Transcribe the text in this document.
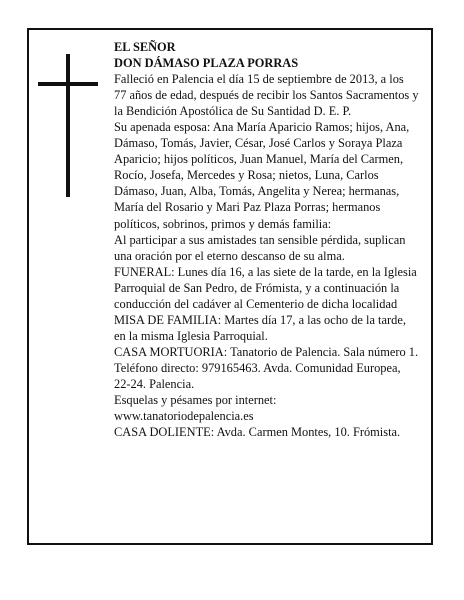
EL SEÑOR

DON DÁMASO PLAZA PORRAS

Falleció en Palencia el día 15 de septiembre de 2013, a los 77 años de edad, después de recibir los Santos Sacramentos y la Bendición Apostólica de Su Santidad D. E. P.

Su apenada esposa: Ana María Aparicio Ramos; hijos, Ana, Dámaso, Tomás, Javier, César, José Carlos y Soraya Plaza Aparicio; hijos políticos, Juan Manuel, María del Carmen, Rocío, Josefa, Mercedes y Rosa; nietos, Luna, Carlos Dámaso, Juan, Alba, Tomás, Angelita y Nerea; hermanas, María del Rosario y Mari Paz Plaza Porras; hermanos políticos, sobrinos, primos y demás familia:

Al participar a sus amistades tan sensible pérdida, suplican una oración por el eterno descanso de su alma.

FUNERAL: Lunes día 16, a las siete de la tarde, en la Iglesia Parroquial de San Pedro, de Frómista, y a continuación la conducción del cadáver al Cementerio de dicha localidad

MISA DE FAMILIA: Martes día 17, a las ocho de la tarde, en la misma Iglesia Parroquial.

CASA MORTUORIA: Tanatorio de Palencia. Sala número 1. Teléfono directo: 979165463. Avda. Comunidad Europea, 22-24. Palencia.

Esquelas y pésames por internet:

www.tanatoriodepalencia.es

CASA DOLIENTE: Avda. Carmen Montes, 10. Frómista.
